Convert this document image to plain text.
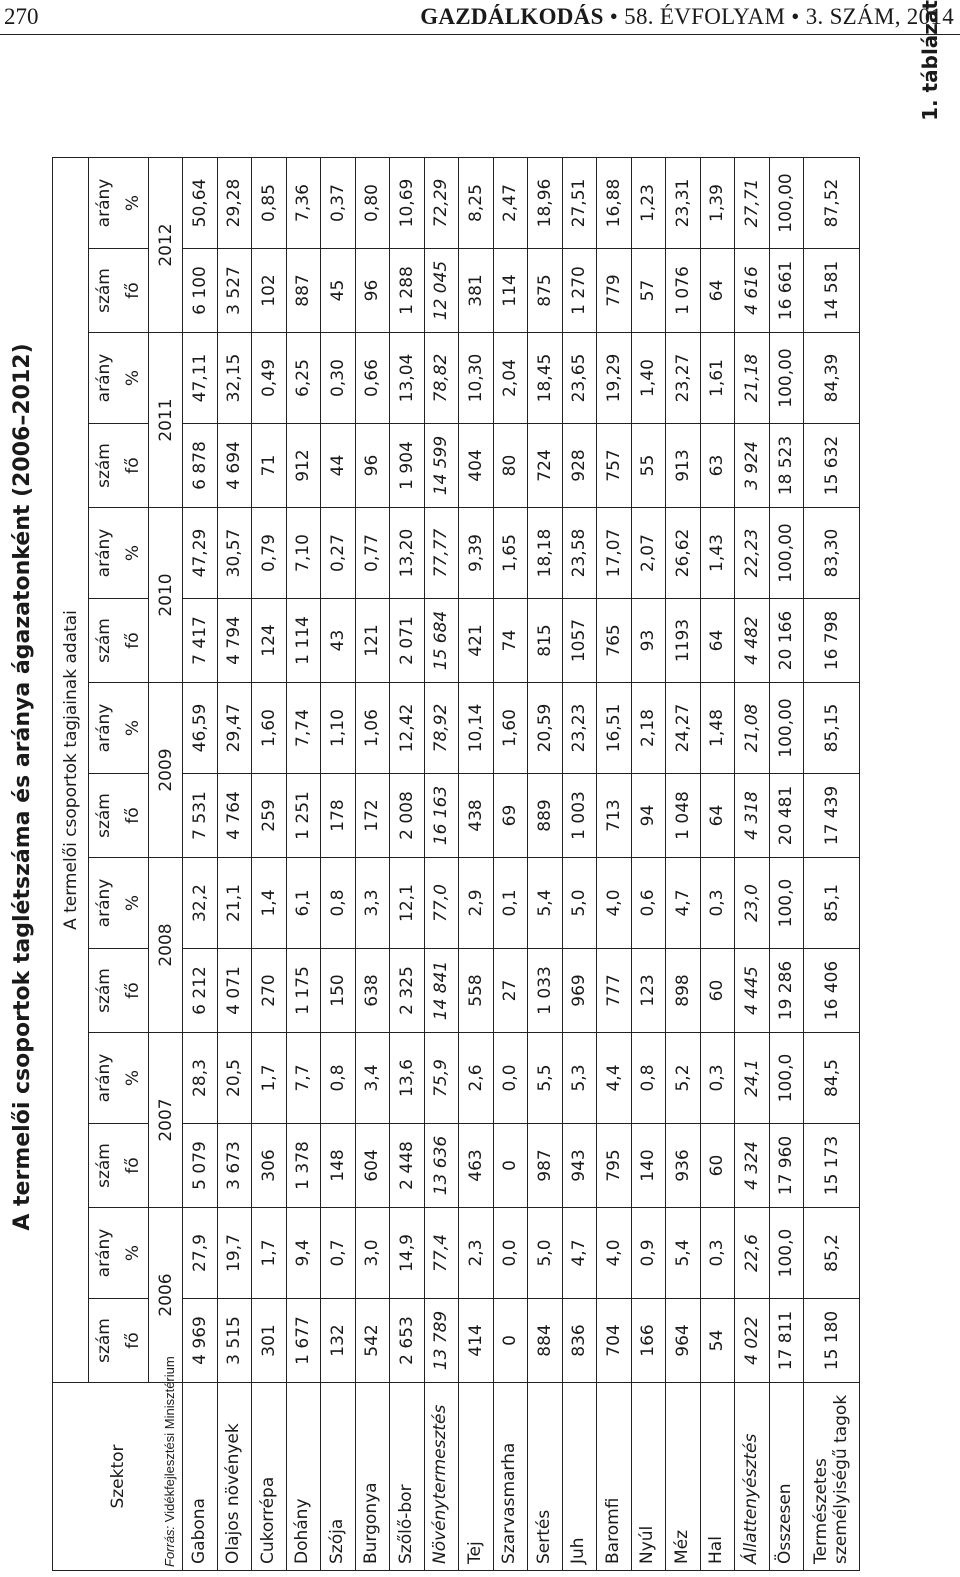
270	GAZDÁLKODÁS • 58. ÉVFOLYAM • 3. SZÁM, 2014
A termelői csoportok taglétszáma és aránya ágazatonként (2006–2012)
1. táblázat
Szektor	A termelői csoportok tagjainak adatai													
	szám	arány	szám	arány	szám	arány	szám	arány	szám	arány	szám	arány	szám	arány
	fő	%	fő	%	fő	%	fő	%	fő	%	fő	%	fő	%
	2006		2007		2008		2009		2010		2011		2012	
Gabona	4 969	27,9	5 079	28,3	6 212	32,2	7 531	46,59	7 417	47,29	6 878	47,11	6 100	50,64
Olajos növények	3 515	19,7	3 673	20,5	4 071	21,1	4 764	29,47	4 794	30,57	4 694	32,15	3 527	29,28
Cukorrépa	301	1,7	306	1,7	270	1,4	259	1,60	124	0,79	71	0,49	102	0,85
Dohány	1 677	9,4	1 378	7,7	1 175	6,1	1 251	7,74	1 114	7,10	912	6,25	887	7,36
Szója	132	0,7	148	0,8	150	0,8	178	1,10	43	0,27	44	0,30	45	0,37
Burgonya	542	3,0	604	3,4	638	3,3	172	1,06	121	0,77	96	0,66	96	0,80
Szőlő-bor	2 653	14,9	2 448	13,6	2 325	12,1	2 008	12,42	2 071	13,20	1 904	13,04	1 288	10,69
Növénytermesztés	13 789	77,4	13 636	75,9	14 841	77,0	16 163	78,92	15 684	77,77	14 599	78,82	12 045	72,29
Tej	414	2,3	463	2,6	558	2,9	438	10,14	421	9,39	404	10,30	381	8,25
Szarvasmarha	0	0,0	0	0,0	27	0,1	69	1,60	74	1,65	80	2,04	114	2,47
Sertés	884	5,0	987	5,5	1 033	5,4	889	20,59	815	18,18	724	18,45	875	18,96
Juh	836	4,7	943	5,3	969	5,0	1 003	23,23	1057	23,58	928	23,65	1 270	27,51
Baromfi	704	4,0	795	4,4	777	4,0	713	16,51	765	17,07	757	19,29	779	16,88
Nyúl	166	0,9	140	0,8	123	0,6	94	2,18	93	2,07	55	1,40	57	1,23
Méz	964	5,4	936	5,2	898	4,7	1 048	24,27	1193	26,62	913	23,27	1 076	23,31
Hal	54	0,3	60	0,3	60	0,3	64	1,48	64	1,43	63	1,61	64	1,39
Állattenyésztés	4 022	22,6	4 324	24,1	4 445	23,0	4 318	21,08	4 482	22,23	3 924	21,18	4 616	27,71
Összesen	17 811	100,0	17 960	100,0	19 286	100,0	20 481	100,00	20 166	100,00	18 523	100,00	16 661	100,00
Természetes személyiségű tagok	15 180	85,2	15 173	84,5	16 406	85,1	17 439	85,15	16 798	83,30	15 632	84,39	14 581	87,52
Forrás: Vidékfejlesztési Minisztérium
